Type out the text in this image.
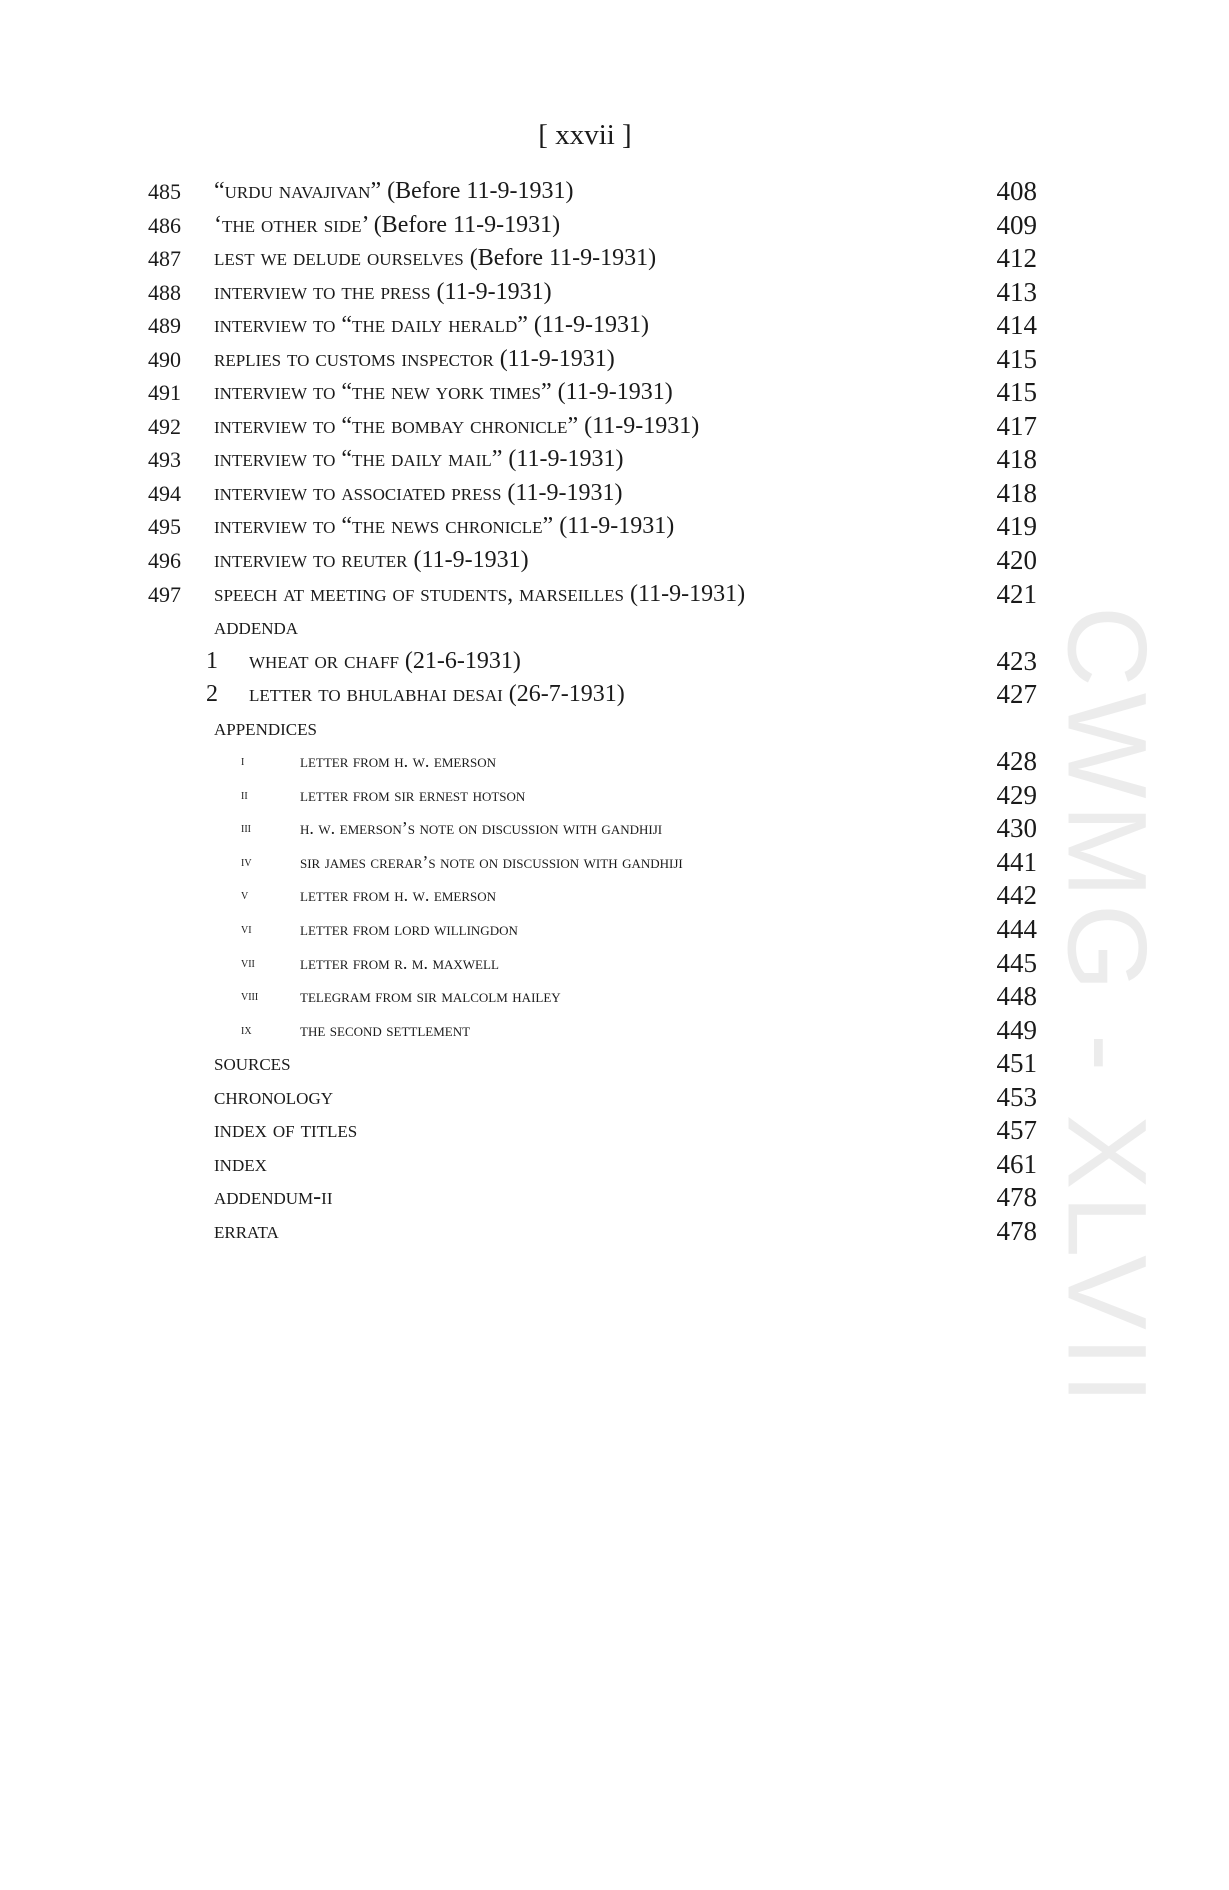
CWMG - XLVII
[ xxvii ]
485 “urdu navajivan” (Before 11-9-1931)	408
486 ‘the other side’ (Before 11-9-1931)	409
487 lest we delude ourselves (Before 11-9-1931)	412
488 interview to the press (11-9-1931)	413
489 interview to “the daily herald” (11-9-1931)	414
490 replies to customs inspector (11-9-1931)	415
491 interview to “the new york times” (11-9-1931)	415
492 interview to “the bombay chronicle” (11-9-1931)	417
493 interview to “the daily mail” (11-9-1931)	418
494 interview to associated press (11-9-1931)	418
495 interview to “the news chronicle” (11-9-1931)	419
496 interview to reuter (11-9-1931)	420
497 speech at meeting of students, marseilles (11-9-1931)	421
addenda
1 wheat or chaff (21-6-1931)	423
2 letter to bhulabhai desai (26-7-1931)	427
appendices
i	letter from h. w. emerson	428
ii	letter from sir ernest hotson	429
iii	h. w. emerson’s note on discussion with gandhiji	430
iv	sir james crerar’s note on discussion with gandhiji	441
v	letter from h. w. emerson	442
vi	letter from lord willingdon	444
vii	letter from r. m. maxwell	445
viii telegram from sir malcolm hailey	448
ix	the second settlement	449
sources	451
chronology	453
index of titles	457
index	461
addendum-ii	478
errata	478
